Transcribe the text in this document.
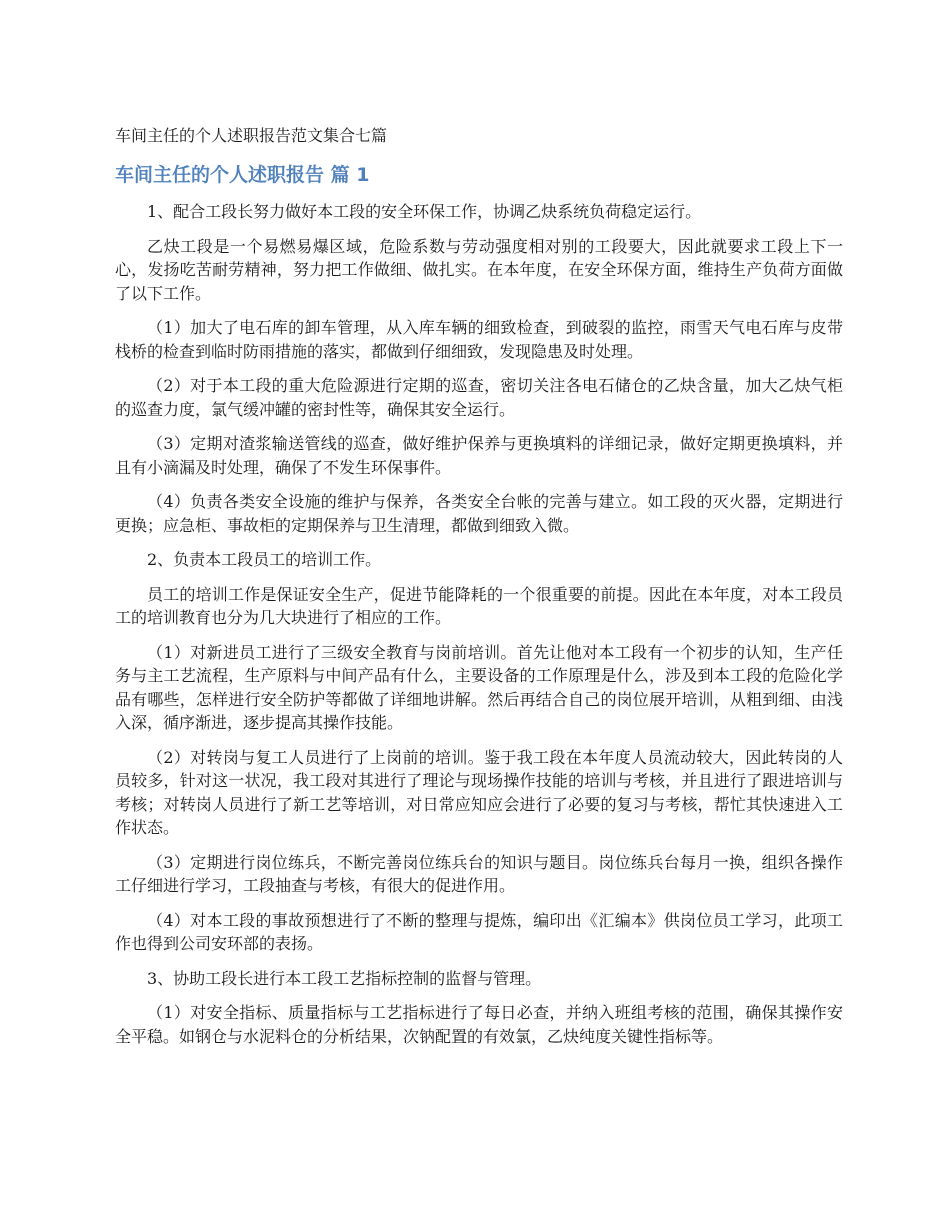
车间主任的个人述职报告范文集合七篇
车间主任的个人述职报告 篇 1

1、配合工段长努力做好本工段的安全环保工作，协调乙炔系统负荷稳定运行。

乙炔工段是一个易燃易爆区域，危险系数与劳动强度相对别的工段要大，因此就要求工段上下一心，发扬吃苦耐劳精神，努力把工作做细、做扎实。在本年度，在安全环保方面，维持生产负荷方面做了以下工作。

（1）加大了电石库的卸车管理，从入库车辆的细致检查，到破裂的监控，雨雪天气电石库与皮带栈桥的检查到临时防雨措施的落实，都做到仔细细致，发现隐患及时处理。

（2）对于本工段的重大危险源进行定期的巡查，密切关注各电石储仓的乙炔含量，加大乙炔气柜的巡查力度，氯气缓冲罐的密封性等，确保其安全运行。

（3）定期对渣浆输送管线的巡查，做好维护保养与更换填料的详细记录，做好定期更换填料，并且有小滴漏及时处理，确保了不发生环保事件。

（4）负责各类安全设施的维护与保养，各类安全台帐的完善与建立。如工段的灭火器，定期进行更换；应急柜、事故柜的定期保养与卫生清理，都做到细致入微。

2、负责本工段员工的培训工作。

员工的培训工作是保证安全生产，促进节能降耗的一个很重要的前提。因此在本年度，对本工段员工的培训教育也分为几大块进行了相应的工作。

（1）对新进员工进行了三级安全教育与岗前培训。首先让他对本工段有一个初步的认知，生产任务与主工艺流程，生产原料与中间产品有什么，主要设备的工作原理是什么，涉及到本工段的危险化学品有哪些，怎样进行安全防护等都做了详细地讲解。然后再结合自己的岗位展开培训，从粗到细、由浅入深，循序渐进，逐步提高其操作技能。

（2）对转岗与复工人员进行了上岗前的培训。鉴于我工段在本年度人员流动较大，因此转岗的人员较多，针对这一状况，我工段对其进行了理论与现场操作技能的培训与考核，并且进行了跟进培训与考核；对转岗人员进行了新工艺等培训，对日常应知应会进行了必要的复习与考核，帮忙其快速进入工作状态。

（3）定期进行岗位练兵，不断完善岗位练兵台的知识与题目。岗位练兵台每月一换，组织各操作工仔细进行学习，工段抽查与考核，有很大的促进作用。

（4）对本工段的事故预想进行了不断的整理与提炼，编印出《汇编本》供岗位员工学习，此项工作也得到公司安环部的表扬。

3、协助工段长进行本工段工艺指标控制的监督与管理。

（1）对安全指标、质量指标与工艺指标进行了每日必查，并纳入班组考核的范围，确保其操作安全平稳。如钢仓与水泥料仓的分析结果，次钠配置的有效氯，乙炔纯度关键性指标等。
